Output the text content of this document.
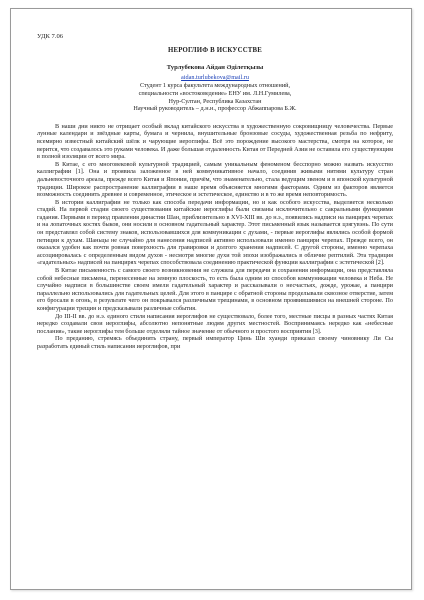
УДК 7.06
НЕРОГЛИФ В ИСКУССТВЕ
Турлубекова Айдан Әділетқызы
aidan.turlubekova@mail.ru
Студент 1 курса факультета международных отношений,
специальности «востоковедение» ЕНУ им. Л.Н.Гумилева,
Нур-Султан, Республика Казахстан
Научный руководитель – д.н.н., профессор Абжаппарова Б.Ж.

В наши дни никто не отрицает особый вклад китайского искусства в художественную сокровищницу человечества. Первые лунные календари и звёздные карты, бумага и чернила, внушительные бронзовые сосуды, художественная резьба по нефриту, всемирно известный китайский шёлк и чарующие иероглифы. Всё это порождение высокого мастерства, смотря на которое, не верится, что создавалось это руками человека. И даже большая отдаленность Китая от Передней Азии не оставила его существующим в полной изоляции от всего мира.

В Китае, с его многовековой культурной традицией, самым уникальным феноменом бесспорно можно назвать искусство каллиграфии [1]. Она и проявила заложенное в ней коммуникативное начало, соединив живыми нитями культуру стран дальневосточного ареала, прежде всего Китая и Японии, причём, что знаменательно, стала ведущим звеном и в японской культурной традиции. Широкое распространение каллиграфии в наше время объясняется многими факторами. Одним из факторов является возможность соединить древнее и современное, этическое и эстетическое, единство и в то же время неповторимость.

В истории каллиграфии не только как способа передачи информации, но и как особого искусства, выделяется несколько стадий. На первой стадии своего существования китайские иероглифы были связаны исключительно с сакральными функциями гадания. Первыми в период правления династии Шан, приблизительно в XVI-XIII вв. до н.э., появились надписи на панцирях черепах и на лопаточных костях быков, они носили в основном гадательный характер. Этот письменный язык называется цзягувэнь. По сути он представлял собой систему знаков, использовавшихся для коммуникации с духами, - первые иероглифы являлись особой формой петиции к духам. Шаньцы не случайно для нанесения надписей активно использовали именно панцири черепах. Прежде всего, он оказался удобен как почти ровная поверхность для гравировки и долгого хранения надписей. С другой стороны, именно черепаха ассоциировалась с определенным видом духов - несмотря многие духи той эпохи изображались в обличие рептилий. Эта традиция «гадательных» надписей на панцирях черепах способствовала соединению практической функции каллиграфии с эстетической [2].

В Китае письменность с самого своего возникновения не служила для передачи и сохранения информации, она представляла собой небесные письмена, перенесенные на земную плоскость, то есть была одним из способов коммуникации человека и Неба. Не случайно надписи в большинстве своем имели гадательный характер и рассказывали о несчастьях, дожде, урожае, а панцири параллельно использовались для гадательных целей. Для этого в панцире с обратной стороны проделывали сквозное отверстие, затем его бросали в огонь, в результате чего он покрывался различными трещинами, в основном проявившимися на внешней стороне. По конфигурации трещин и предсказывали различные события.

До III-II вв. до н.э. единого стиля написания иероглифов не существовало, более того, местные писцы в разных частях Китая нередко создавали свои иероглифы, абсолютно непонятные людям других местностей. Воспринимаясь нередко как «небесные послания», такие иероглифы тем больше отделяли тайное значение от обычного и простого восприятия [3].

По преданию, стремясь объединить страну, первый император Цинь Ши хуанди приказал своему чиновнику Ли Сы разработать единый стиль написания иероглифов, при
